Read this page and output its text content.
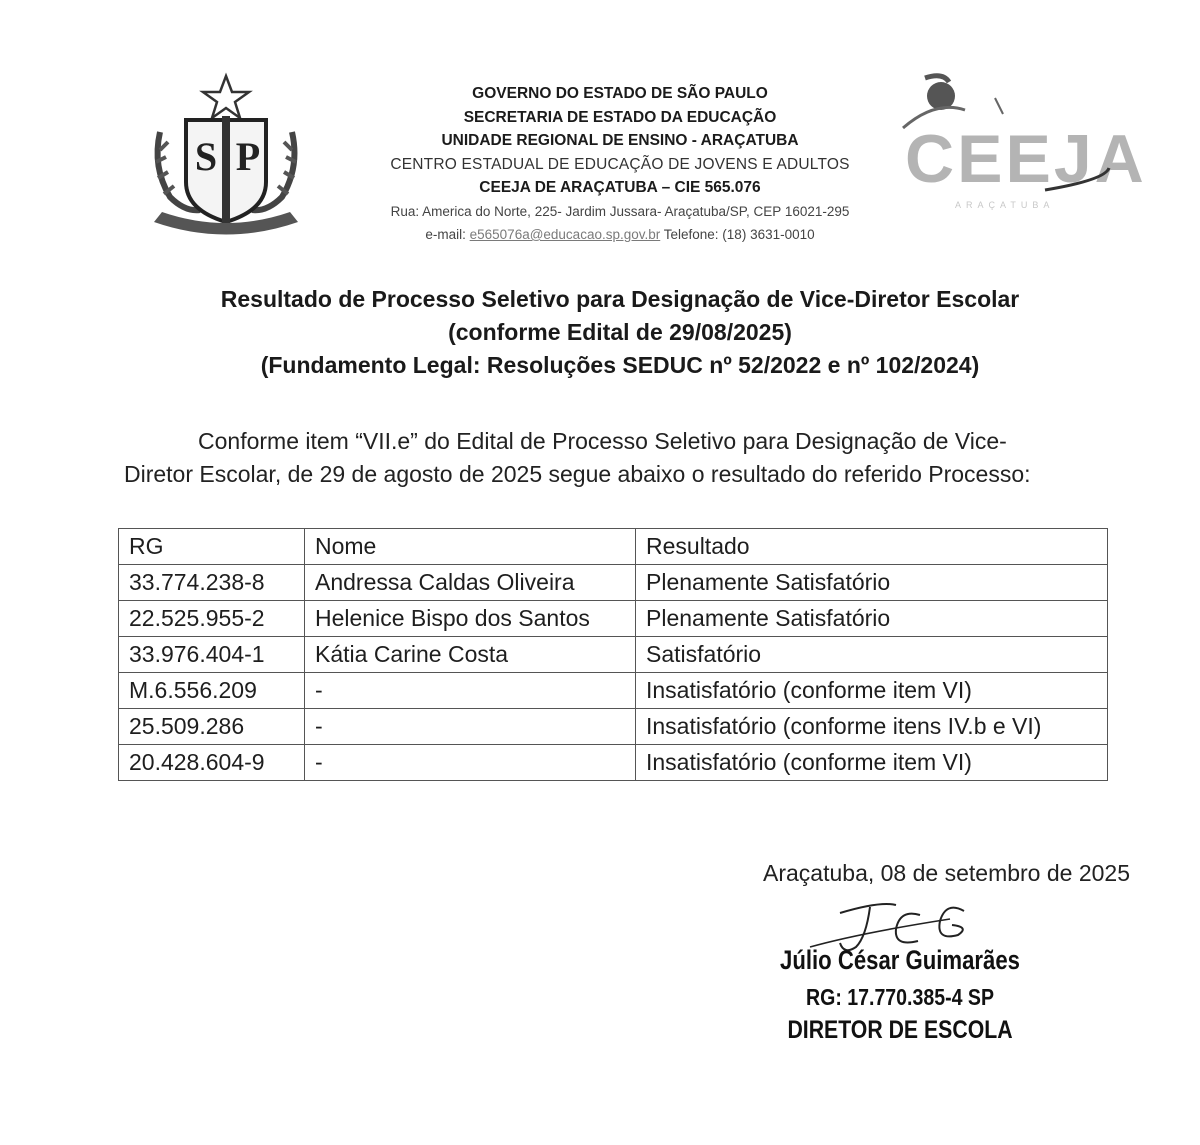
S P
GOVERNO DO ESTADO DE SÃO PAULO
SECRETARIA DE ESTADO DA EDUCAÇÃO
UNIDADE REGIONAL DE ENSINO - ARAÇATUBA
CENTRO ESTADUAL DE EDUCAÇÃO DE JOVENS E ADULTOS
CEEJA DE ARAÇATUBA – CIE 565.076
Rua: America do Norte, 225- Jardim Jussara- Araçatuba/SP, CEP 16021-295
e-mail: e565076a@educacao.sp.gov.br Telefone: (18) 3631-0010
CEEJA
ARAÇATUBA
Resultado de Processo Seletivo para Designação de Vice-Diretor Escolar
(conforme Edital de 29/08/2025)
(Fundamento Legal: Resoluções SEDUC nº 52/2022 e nº 102/2024)
Conforme item “VII.e” do Edital de Processo Seletivo para Designação de Vice-
Diretor Escolar, de 29 de agosto de 2025 segue abaixo o resultado do referido Processo:
RG	Nome	Resultado
33.774.238-8	Andressa Caldas Oliveira	Plenamente Satisfatório
22.525.955-2	Helenice Bispo dos Santos	Plenamente Satisfatório
33.976.404-1	Kátia Carine Costa	Satisfatório
M.6.556.209	-	Insatisfatório (conforme item VI)
25.509.286	-	Insatisfatório (conforme itens IV.b e VI)
20.428.604-9	-	Insatisfatório (conforme item VI)
Araçatuba, 08 de setembro de 2025
Júlio César Guimarães
RG: 17.770.385-4 SP
DIRETOR DE ESCOLA
